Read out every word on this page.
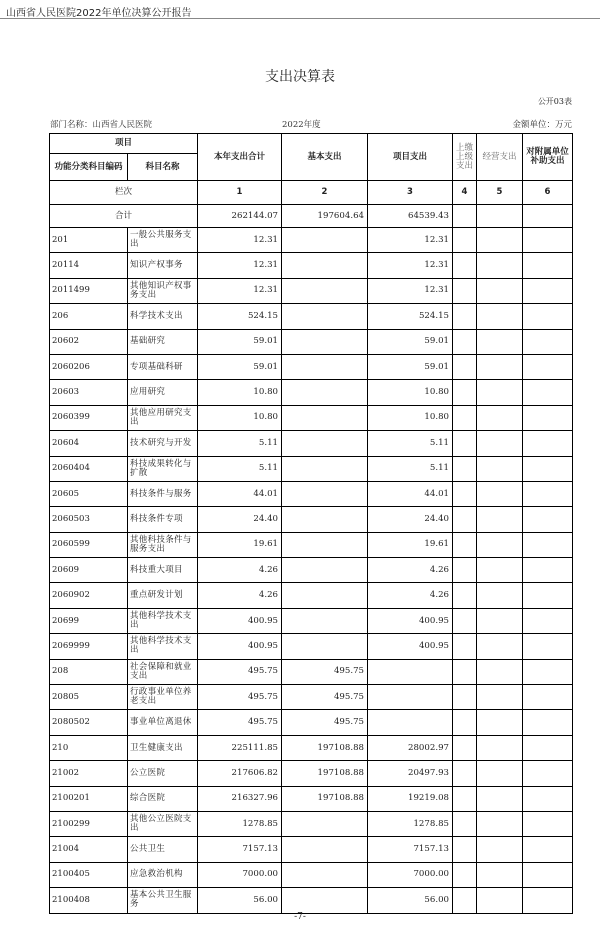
山西省人民医院2022年单位决算公开报告
支出决算表
公开03表
部门名称：山西省人民医院	2022年度	金额单位：万元
项目		本年支出合计	基本支出	项目支出	上缴上级支出	经营支出	对附属单位补助支出
功能分类科目编码	科目名称						
栏次		1	2	3	4	5	6
合计		262144.07	197604.64	64539.43			
201	一般公共服务支出	12.31		12.31			
20114	知识产权事务	12.31		12.31			
2011499	其他知识产权事务支出	12.31		12.31			
206	科学技术支出	524.15		524.15			
20602	基础研究	59.01		59.01			
2060206	专项基础科研	59.01		59.01			
20603	应用研究	10.80		10.80			
2060399	其他应用研究支出	10.80		10.80			
20604	技术研究与开发	5.11		5.11			
2060404	科技成果转化与扩散	5.11		5.11			
20605	科技条件与服务	44.01		44.01			
2060503	科技条件专项	24.40		24.40			
2060599	其他科技条件与服务支出	19.61		19.61			
20609	科技重大项目	4.26		4.26			
2060902	重点研发计划	4.26		4.26			
20699	其他科学技术支出	400.95		400.95			
2069999	其他科学技术支出	400.95		400.95			
208	社会保障和就业支出	495.75	495.75				
20805	行政事业单位养老支出	495.75	495.75				
2080502	事业单位离退休	495.75	495.75				
210	卫生健康支出	225111.85	197108.88	28002.97			
21002	公立医院	217606.82	197108.88	20497.93			
2100201	综合医院	216327.96	197108.88	19219.08			
2100299	其他公立医院支出	1278.85		1278.85			
21004	公共卫生	7157.13		7157.13			
2100405	应急救治机构	7000.00		7000.00			
2100408	基本公共卫生服务	56.00		56.00			
-7-
